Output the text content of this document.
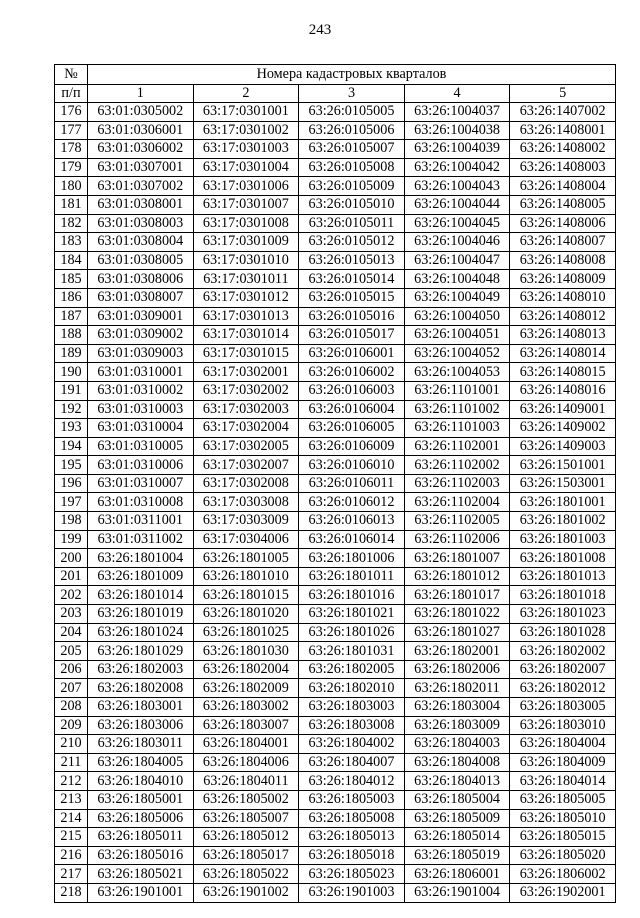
243
№	Номера кадастровых кварталов				
п/п	1	2	3	4	5
176	63:01:0305002	63:17:0301001	63:26:0105005	63:26:1004037	63:26:1407002
177	63:01:0306001	63:17:0301002	63:26:0105006	63:26:1004038	63:26:1408001
178	63:01:0306002	63:17:0301003	63:26:0105007	63:26:1004039	63:26:1408002
179	63:01:0307001	63:17:0301004	63:26:0105008	63:26:1004042	63:26:1408003
180	63:01:0307002	63:17:0301006	63:26:0105009	63:26:1004043	63:26:1408004
181	63:01:0308001	63:17:0301007	63:26:0105010	63:26:1004044	63:26:1408005
182	63:01:0308003	63:17:0301008	63:26:0105011	63:26:1004045	63:26:1408006
183	63:01:0308004	63:17:0301009	63:26:0105012	63:26:1004046	63:26:1408007
184	63:01:0308005	63:17:0301010	63:26:0105013	63:26:1004047	63:26:1408008
185	63:01:0308006	63:17:0301011	63:26:0105014	63:26:1004048	63:26:1408009
186	63:01:0308007	63:17:0301012	63:26:0105015	63:26:1004049	63:26:1408010
187	63:01:0309001	63:17:0301013	63:26:0105016	63:26:1004050	63:26:1408012
188	63:01:0309002	63:17:0301014	63:26:0105017	63:26:1004051	63:26:1408013
189	63:01:0309003	63:17:0301015	63:26:0106001	63:26:1004052	63:26:1408014
190	63:01:0310001	63:17:0302001	63:26:0106002	63:26:1004053	63:26:1408015
191	63:01:0310002	63:17:0302002	63:26:0106003	63:26:1101001	63:26:1408016
192	63:01:0310003	63:17:0302003	63:26:0106004	63:26:1101002	63:26:1409001
193	63:01:0310004	63:17:0302004	63:26:0106005	63:26:1101003	63:26:1409002
194	63:01:0310005	63:17:0302005	63:26:0106009	63:26:1102001	63:26:1409003
195	63:01:0310006	63:17:0302007	63:26:0106010	63:26:1102002	63:26:1501001
196	63:01:0310007	63:17:0302008	63:26:0106011	63:26:1102003	63:26:1503001
197	63:01:0310008	63:17:0303008	63:26:0106012	63:26:1102004	63:26:1801001
198	63:01:0311001	63:17:0303009	63:26:0106013	63:26:1102005	63:26:1801002
199	63:01:0311002	63:17:0304006	63:26:0106014	63:26:1102006	63:26:1801003
200	63:26:1801004	63:26:1801005	63:26:1801006	63:26:1801007	63:26:1801008
201	63:26:1801009	63:26:1801010	63:26:1801011	63:26:1801012	63:26:1801013
202	63:26:1801014	63:26:1801015	63:26:1801016	63:26:1801017	63:26:1801018
203	63:26:1801019	63:26:1801020	63:26:1801021	63:26:1801022	63:26:1801023
204	63:26:1801024	63:26:1801025	63:26:1801026	63:26:1801027	63:26:1801028
205	63:26:1801029	63:26:1801030	63:26:1801031	63:26:1802001	63:26:1802002
206	63:26:1802003	63:26:1802004	63:26:1802005	63:26:1802006	63:26:1802007
207	63:26:1802008	63:26:1802009	63:26:1802010	63:26:1802011	63:26:1802012
208	63:26:1803001	63:26:1803002	63:26:1803003	63:26:1803004	63:26:1803005
209	63:26:1803006	63:26:1803007	63:26:1803008	63:26:1803009	63:26:1803010
210	63:26:1803011	63:26:1804001	63:26:1804002	63:26:1804003	63:26:1804004
211	63:26:1804005	63:26:1804006	63:26:1804007	63:26:1804008	63:26:1804009
212	63:26:1804010	63:26:1804011	63:26:1804012	63:26:1804013	63:26:1804014
213	63:26:1805001	63:26:1805002	63:26:1805003	63:26:1805004	63:26:1805005
214	63:26:1805006	63:26:1805007	63:26:1805008	63:26:1805009	63:26:1805010
215	63:26:1805011	63:26:1805012	63:26:1805013	63:26:1805014	63:26:1805015
216	63:26:1805016	63:26:1805017	63:26:1805018	63:26:1805019	63:26:1805020
217	63:26:1805021	63:26:1805022	63:26:1805023	63:26:1806001	63:26:1806002
218	63:26:1901001	63:26:1901002	63:26:1901003	63:26:1901004	63:26:1902001
